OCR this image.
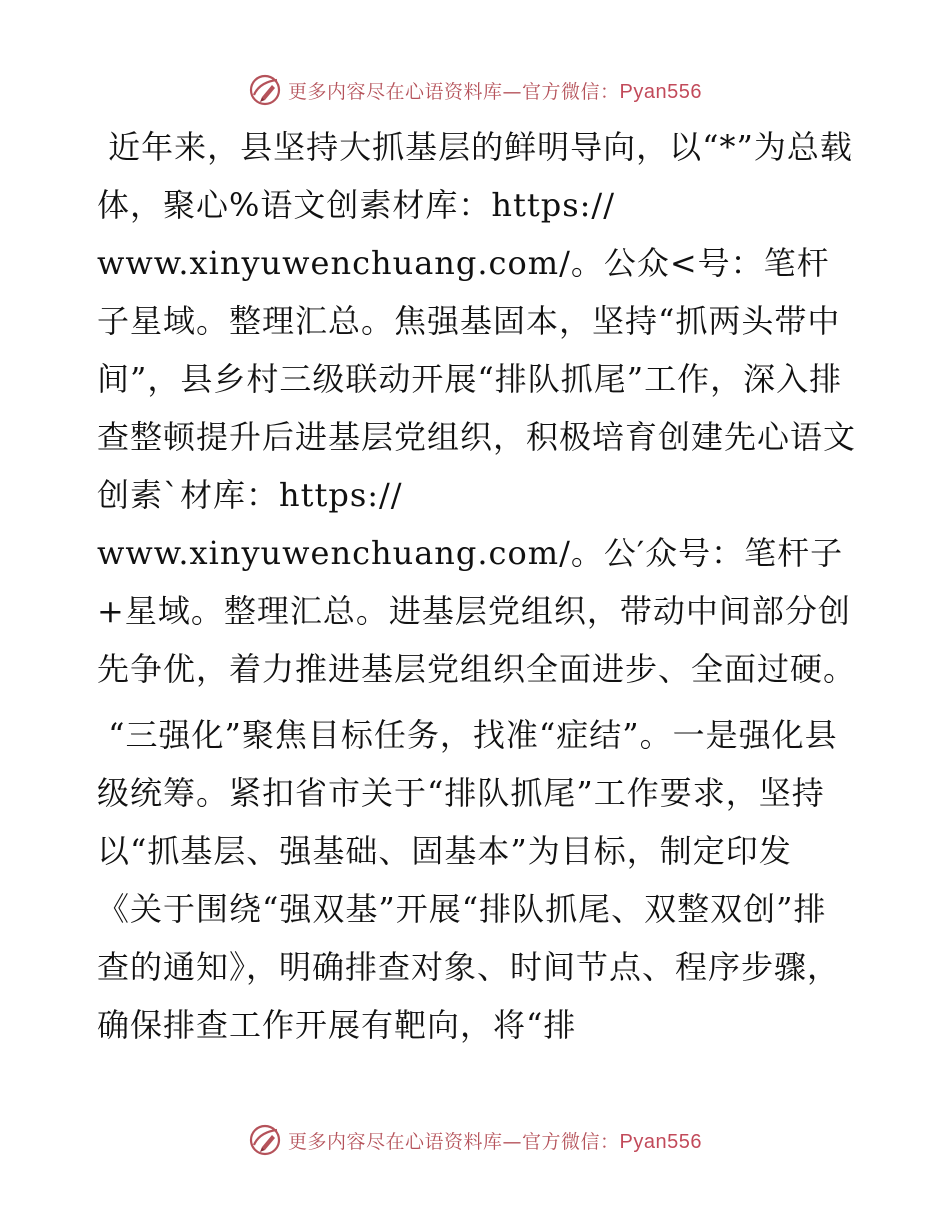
更多内容尽在心语资料库—官方微信：Pyan556

近年来，县坚持大抓基层的鲜明导向，以“*”为总载体，聚心%语文创素材库：https://
www.xinyuwenchuang.com/。公众<号：笔杆子星域。整理汇总。焦强基固本，坚持“抓两头带中间”，县乡村三级联动开展“排队抓尾”工作，深入排查整顿提升后进基层党组织，积极培育创建先心语文创素`材库：https://
www.xinyuwenchuang.com/。公′众号：笔杆子+星域。整理汇总。进基层党组织，带动中间部分创先争优，着力推进基层党组织全面进步、全面过硬。

“三强化”聚焦目标任务，找准“症结”。一是强化县级统筹。紧扣省市关于“排队抓尾”工作要求，坚持以“抓基层、强基础、固基本”为目标，制定印发《关于围绕“强双基”开展“排队抓尾、双整双创”排查的通知》，明确排查对象、时间节点、程序步骤，确保排查工作开展有靶向，将“排

更多内容尽在心语资料库—官方微信：Pyan556
